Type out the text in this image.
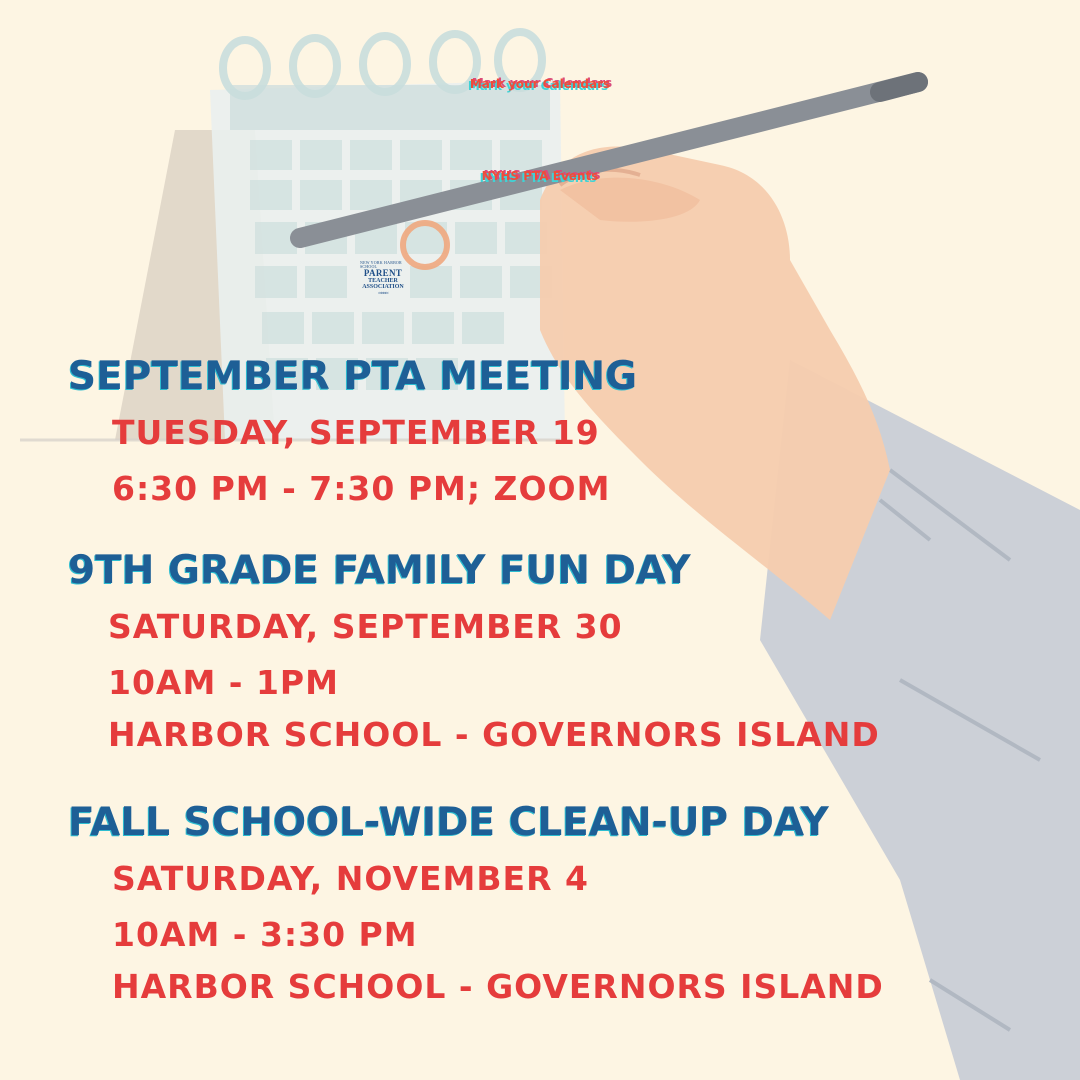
Mark your Calendars
NYHS PTA Events
NEW YORK HARBOR SCHOOL
PARENT
TEACHER
ASSOCIATION
≈≈≈≈
SEPTEMBER PTA MEETING

TUESDAY, SEPTEMBER 19

6:30 PM - 7:30 PM; ZOOM

9TH GRADE FAMILY FUN DAY

SATURDAY, SEPTEMBER 30

10AM - 1PM

HARBOR SCHOOL - GOVERNORS ISLAND

FALL SCHOOL-WIDE CLEAN-UP DAY

SATURDAY, NOVEMBER 4

10AM - 3:30 PM

HARBOR SCHOOL - GOVERNORS ISLAND
